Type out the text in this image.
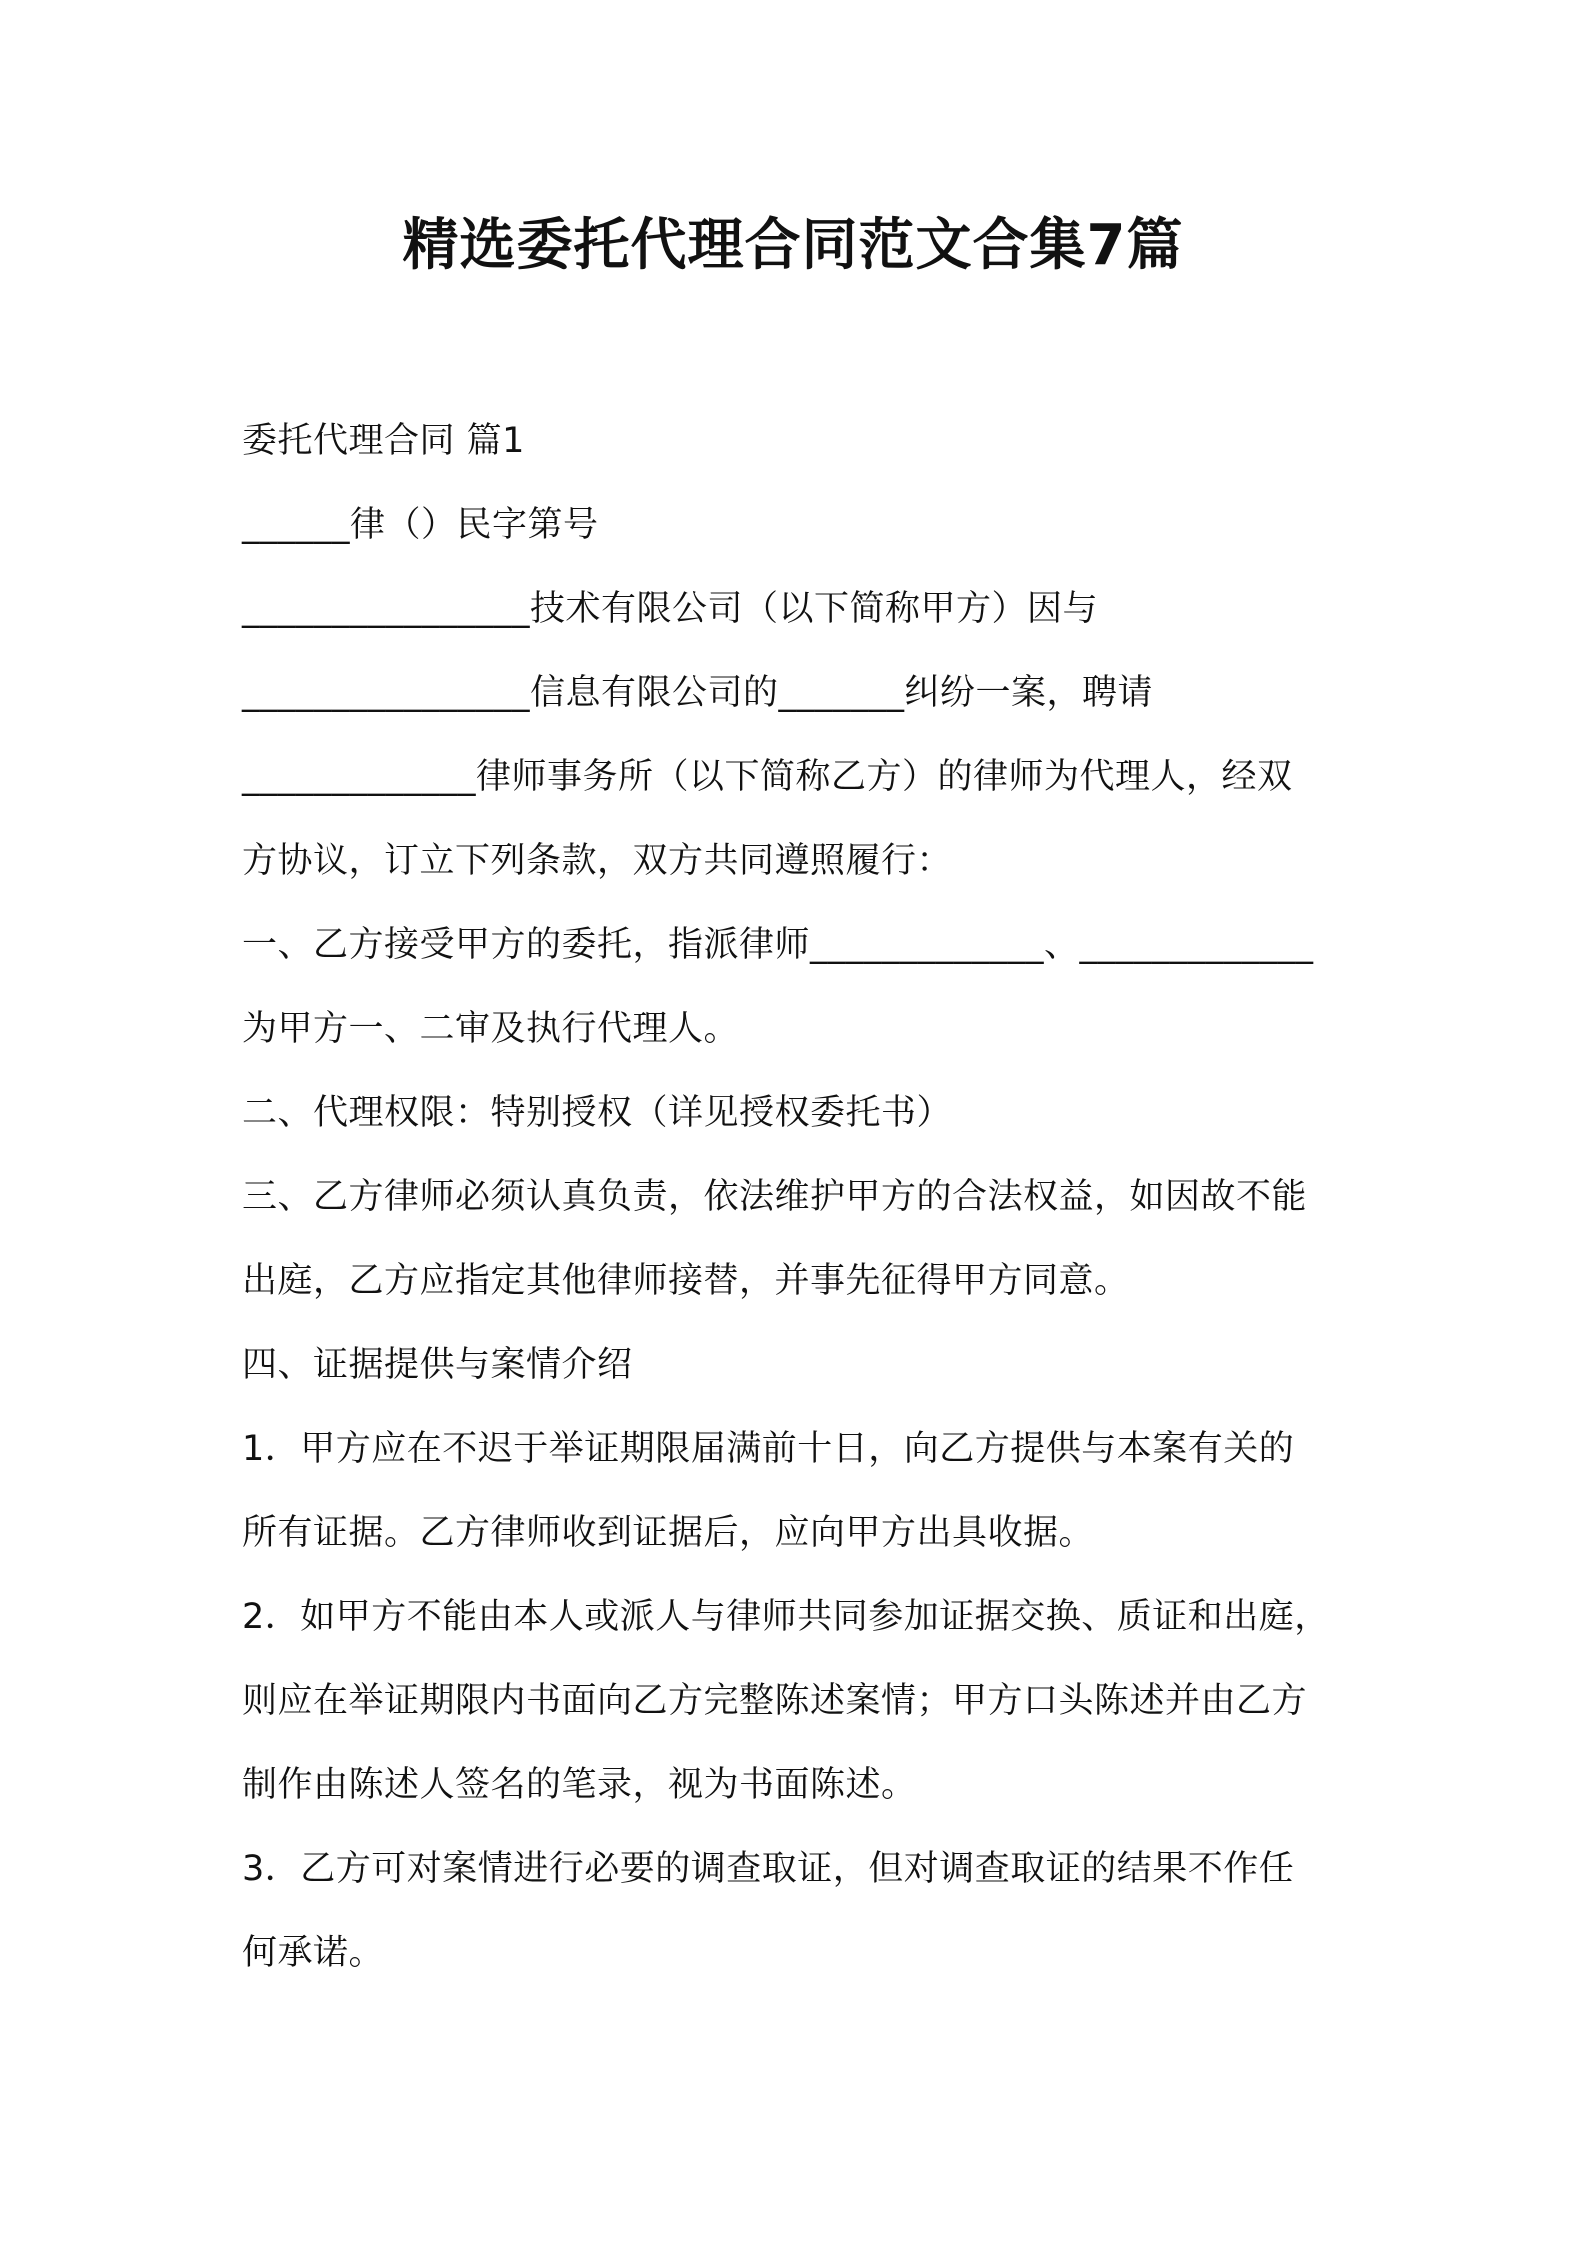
精选委托代理合同范文合集7篇

委托代理合同 篇1

______律（）民字第号

________________技术有限公司（以下简称甲方）因与

________________信息有限公司的_______纠纷一案，聘请

_____________律师事务所（以下简称乙方）的律师为代理人，经双

方协议，订立下列条款，双方共同遵照履行：

一、乙方接受甲方的委托，指派律师_____________、_____________

为甲方一、二审及执行代理人。

二、代理权限：特别授权（详见授权委托书）

三、乙方律师必须认真负责，依法维护甲方的合法权益，如因故不能

出庭，乙方应指定其他律师接替，并事先征得甲方同意。

四、证据提供与案情介绍

1．甲方应在不迟于举证期限届满前十日，向乙方提供与本案有关的

所有证据。乙方律师收到证据后，应向甲方出具收据。

2．如甲方不能由本人或派人与律师共同参加证据交换、质证和出庭，

则应在举证期限内书面向乙方完整陈述案情；甲方口头陈述并由乙方

制作由陈述人签名的笔录，视为书面陈述。

3．乙方可对案情进行必要的调查取证，但对调查取证的结果不作任

何承诺。
